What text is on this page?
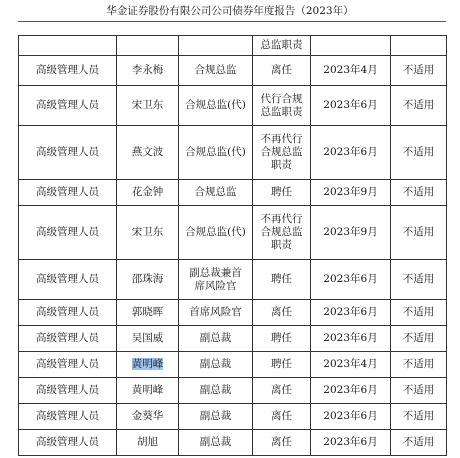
华金证券股份有限公司公司债券年度报告（2023年）
			总监职责		
高级管理人员	李永梅	合规总监	离任	2023年4月	不适用
高级管理人员	宋卫东	合规总监(代)	代行合规总监职责	2023年6月	不适用
高级管理人员	燕文波	合规总监(代)	不再代行合规总监职责	2023年6月	不适用
高级管理人员	花金钟	合规总监	聘任	2023年9月	不适用
高级管理人员	宋卫东	合规总监(代)	不再代行合规总监职责	2023年9月	不适用
高级管理人员	邵珠海	副总裁兼首席风险官	聘任	2023年6月	不适用
高级管理人员	郭晓晖	首席风险官	离任	2023年6月	不适用
高级管理人员	吴国威	副总裁	聘任	2023年6月	不适用
高级管理人员	黄明峰	副总裁	聘任	2023年4月	不适用
高级管理人员	黄明峰	副总裁	离任	2023年6月	不适用
高级管理人员	金葵华	副总裁	离任	2023年6月	不适用
高级管理人员	胡旭	副总裁	离任	2023年6月	不适用
